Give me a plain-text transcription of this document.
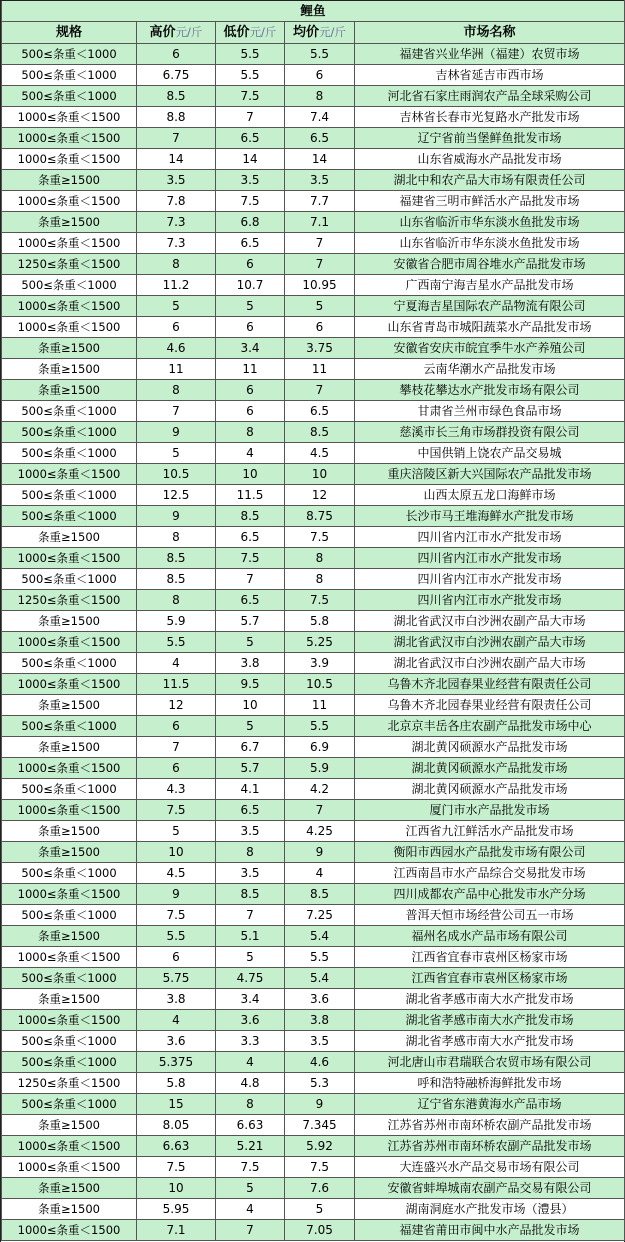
鲤鱼				
规格	高价元/斤	低价元/斤	均价元/斤	市场名称
500≤条重＜1000	6	5.5	5.5	福建省兴业华洲（福建）农贸市场
500≤条重＜1000	6.75	5.5	6	吉林省延吉市西市场
500≤条重＜1000	8.5	7.5	8	河北省石家庄雨润农产品全球采购公司
1000≤条重＜1500	8.8	7	7.4	吉林省长春市光复路水产批发市场
1000≤条重＜1500	7	6.5	6.5	辽宁省前当堡鲜鱼批发市场
1000≤条重＜1500	14	14	14	山东省威海水产品批发市场
条重≥1500	3.5	3.5	3.5	湖北中和农产品大市场有限责任公司
1000≤条重＜1500	7.8	7.5	7.7	福建省三明市鲜活水产品批发市场
条重≥1500	7.3	6.8	7.1	山东省临沂市华东淡水鱼批发市场
1000≤条重＜1500	7.3	6.5	7	山东省临沂市华东淡水鱼批发市场
1250≤条重＜1500	8	6	7	安徽省合肥市周谷堆水产品批发市场
500≤条重＜1000	11.2	10.7	10.95	广西南宁海吉星水产品批发市场
1000≤条重＜1500	5	5	5	宁夏海吉星国际农产品物流有限公司
1000≤条重＜1500	6	6	6	山东省青岛市城阳蔬菜水产品批发市场
条重≥1500	4.6	3.4	3.75	安徽省安庆市皖宜季牛水产养殖公司
条重≥1500	11	11	11	云南华潮水产品批发市场
条重≥1500	8	6	7	攀枝花攀达水产批发市场有限公司
500≤条重＜1000	7	6	6.5	甘肃省兰州市绿色食品市场
500≤条重＜1000	9	8	8.5	慈溪市长三角市场群投资有限公司
500≤条重＜1000	5	4	4.5	中国供销上饶农产品交易城
1000≤条重＜1500	10.5	10	10	重庆涪陵区新大兴国际农产品批发市场
500≤条重＜1000	12.5	11.5	12	山西太原五龙口海鲜市场
500≤条重＜1000	9	8.5	8.75	长沙市马王堆海鲜水产批发市场
条重≥1500	8	6.5	7.5	四川省内江市水产批发市场
1000≤条重＜1500	8.5	7.5	8	四川省内江市水产批发市场
500≤条重＜1000	8.5	7	8	四川省内江市水产批发市场
1250≤条重＜1500	8	6.5	7.5	四川省内江市水产批发市场
条重≥1500	5.9	5.7	5.8	湖北省武汉市白沙洲农副产品大市场
1000≤条重＜1500	5.5	5	5.25	湖北省武汉市白沙洲农副产品大市场
500≤条重＜1000	4	3.8	3.9	湖北省武汉市白沙洲农副产品大市场
1000≤条重＜1500	11.5	9.5	10.5	乌鲁木齐北园春果业经营有限责任公司
条重≥1500	12	10	11	乌鲁木齐北园春果业经营有限责任公司
500≤条重＜1000	6	5	5.5	北京京丰岳各庄农副产品批发市场中心
条重≥1500	7	6.7	6.9	湖北黄冈硕源水产品批发市场
1000≤条重＜1500	6	5.7	5.9	湖北黄冈硕源水产品批发市场
500≤条重＜1000	4.3	4.1	4.2	湖北黄冈硕源水产品批发市场
1000≤条重＜1500	7.5	6.5	7	厦门市水产品批发市场
条重≥1500	5	3.5	4.25	江西省九江鲜活水产品批发市场
条重≥1500	10	8	9	衡阳市西园水产品批发市场有限公司
500≤条重＜1000	4.5	3.5	4	江西南昌市水产品综合交易批发市场
1000≤条重＜1500	9	8.5	8.5	四川成都农产品中心批发市水产分场
500≤条重＜1000	7.5	7	7.25	普洱天恒市场经营公司五一市场
条重≥1500	5.5	5.1	5.4	福州名成水产品市场有限公司
1000≤条重＜1500	6	5	5.5	江西省宜春市袁州区杨家市场
500≤条重＜1000	5.75	4.75	5.4	江西省宜春市袁州区杨家市场
条重≥1500	3.8	3.4	3.6	湖北省孝感市南大水产批发市场
1000≤条重＜1500	4	3.6	3.8	湖北省孝感市南大水产批发市场
500≤条重＜1000	3.6	3.3	3.5	湖北省孝感市南大水产批发市场
500≤条重＜1000	5.375	4	4.6	河北唐山市君瑞联合农贸市场有限公司
1250≤条重＜1500	5.8	4.8	5.3	呼和浩特融桥海鲜批发市场
500≤条重＜1000	15	8	9	辽宁省东港黄海水产品市场
条重≥1500	8.05	6.63	7.345	江苏省苏州市南环桥农副产品批发市场
1000≤条重＜1500	6.63	5.21	5.92	江苏省苏州市南环桥农副产品批发市场
1000≤条重＜1500	7.5	7.5	7.5	大连盛兴水产品交易市场有限公司
条重≥1500	10	5	7.6	安徽省蚌埠城南农副产品交易有限公司
条重≥1500	5.95	4	5	湖南洞庭水产批发市场（澧县）
1000≤条重＜1500	7.1	7	7.05	福建省莆田市闽中水产品批发市场
